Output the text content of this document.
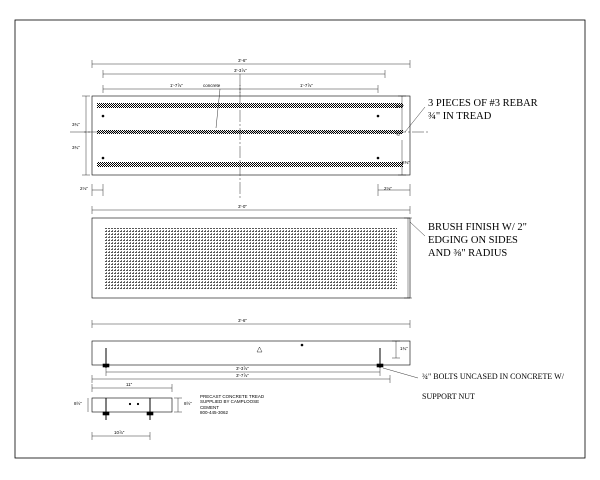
3'-6"
3'-3⅞"
1'-7⅞"	1'-7⅞"
concrete
2⅜"
½"
2⅜"
3¾"
3¾"
2⅛"	2⅛"
3'-0"
3'-6"
1¾"
3'-3⅞"
3'-7⅞"
11"
8½"
8½"
10⅞"
3 PIECES OF #3 REBAR
¾" IN TREAD
BRUSH FINISH W/ 2"
EDGING ON SIDES
AND ⅜" RADIUS
¾" BOLTS UNCASED IN CONCRETE W/
SUPPORT NUT
PRECAST CONCRETE TREAD
SUPPLIED BY CAMPLOOSE
CEMENT
800-445-3062
